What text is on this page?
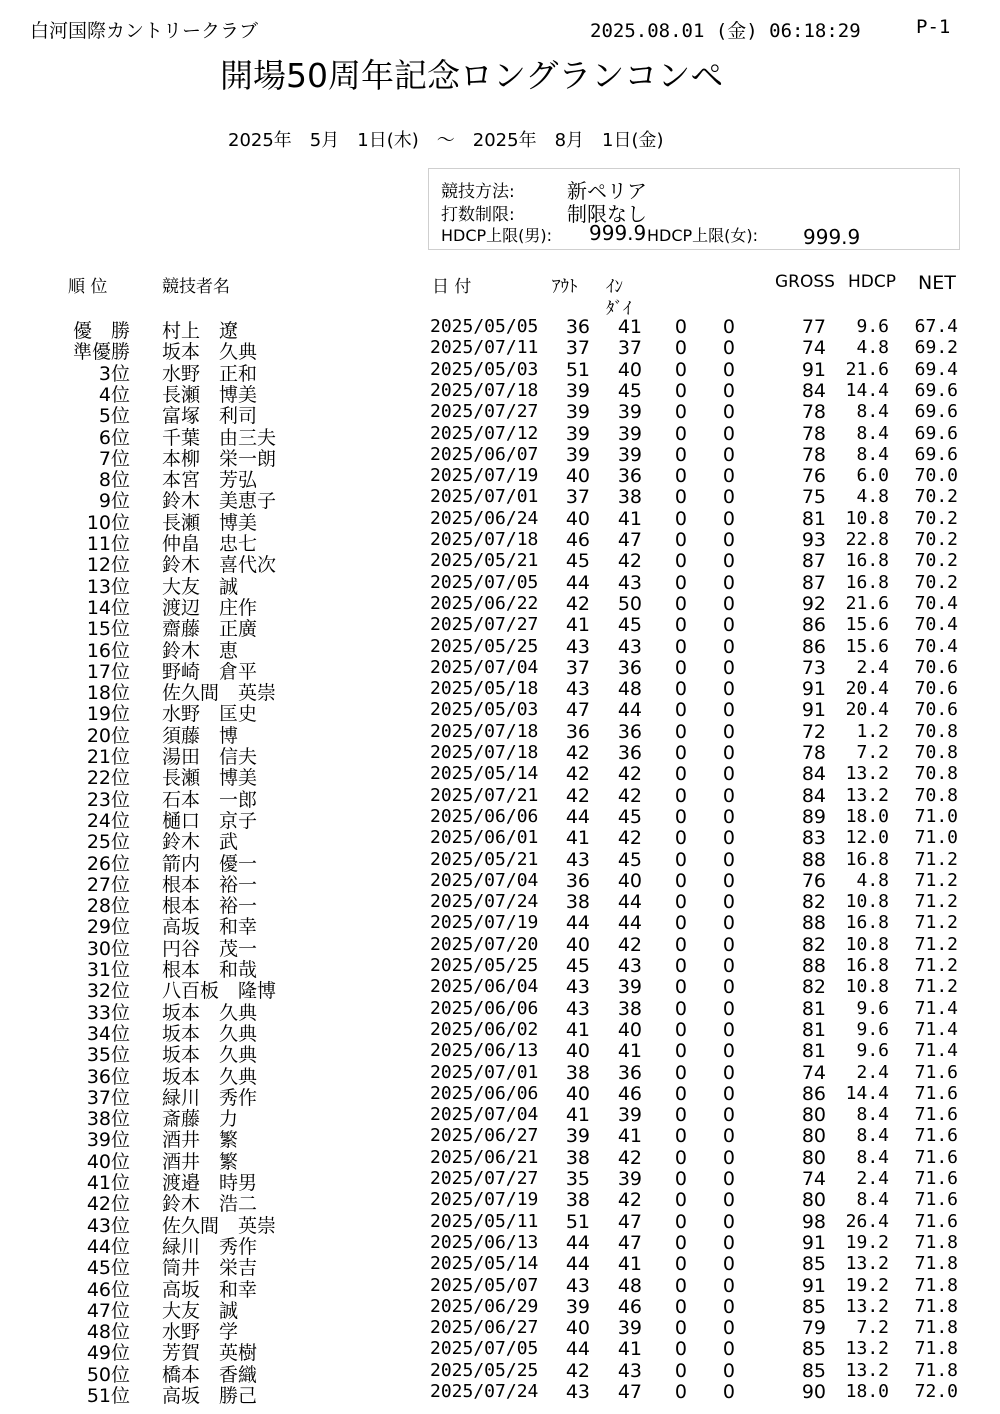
白河国際カントリークラブ	2025.08.01 (金) 06:18:29	P-1
開場50周年記念ロングランコンペ
2025年　5月　1日(木)　～　2025年　8月　1日(金)
競技方法:	新ペリア
打数制限:	制限なし
HDCP上限(男): 999.9 HDCP上限(女): 999.9
順 位	競技者名	日 付	ｱｳﾄ ｲﾝ
ﾀﾞｲ
GROSS HDCP NET
優　勝 村上　遼	2025/05/05 36 41 0 0	77 9.6 67.4
準優勝 坂本　久典	2025/07/11 37 37 0 0	74 4.8 69.2
3位 水野　正和	2025/05/03 51 40 0 0	91 21.6 69.4
4位 長瀬　博美	2025/07/18 39 45 0 0	84 14.4 69.6
5位 富塚　利司	2025/07/27 39 39 0 0	78 8.4 69.6
6位 千葉　由三夫	2025/07/12 39 39 0 0	78 8.4 69.6
7位 本柳　栄一朗	2025/06/07 39 39 0 0	78 8.4 69.6
8位 本宮　芳弘	2025/07/19 40 36 0 0	76 6.0 70.0
9位 鈴木　美恵子	2025/07/01 37 38 0 0	75 4.8 70.2
10位 長瀬　博美	2025/06/24 40 41 0 0	81 10.8 70.2
11位 仲畠　忠七	2025/07/18 46 47 0 0	93 22.8 70.2
12位 鈴木　喜代次	2025/05/21 45 42 0 0	87 16.8 70.2
13位 大友　誠	2025/07/05 44 43 0 0	87 16.8 70.2
14位 渡辺　庄作	2025/06/22 42 50 0 0	92 21.6 70.4
15位 齋藤　正廣	2025/07/27 41 45 0 0	86 15.6 70.4
16位 鈴木　恵	2025/05/25 43 43 0 0	86 15.6 70.4
17位 野崎　倉平	2025/07/04 37 36 0 0	73 2.4 70.6
18位 佐久間　英崇	2025/05/18 43 48 0 0	91 20.4 70.6
19位 水野　匡史	2025/05/03 47 44 0 0	91 20.4 70.6
20位 須藤　博	2025/07/18 36 36 0 0	72 1.2 70.8
21位 湯田　信夫	2025/07/18 42 36 0 0	78 7.2 70.8
22位 長瀬　博美	2025/05/14 42 42 0 0	84 13.2 70.8
23位 石本　一郎	2025/07/21 42 42 0 0	84 13.2 70.8
24位 樋口　京子	2025/06/06 44 45 0 0	89 18.0 71.0
25位 鈴木　武	2025/06/01 41 42 0 0	83 12.0 71.0
26位 箭内　優一	2025/05/21 43 45 0 0	88 16.8 71.2
27位 根本　裕一	2025/07/04 36 40 0 0	76 4.8 71.2
28位 根本　裕一	2025/07/24 38 44 0 0	82 10.8 71.2
29位 高坂　和幸	2025/07/19 44 44 0 0	88 16.8 71.2
30位 円谷　茂一	2025/07/20 40 42 0 0	82 10.8 71.2
31位 根本　和哉	2025/05/25 45 43 0 0	88 16.8 71.2
32位 八百板　隆博	2025/06/04 43 39 0 0	82 10.8 71.2
33位 坂本　久典	2025/06/06 43 38 0 0	81 9.6 71.4
34位 坂本　久典	2025/06/02 41 40 0 0	81 9.6 71.4
35位 坂本　久典	2025/06/13 40 41 0 0	81 9.6 71.4
36位 坂本　久典	2025/07/01 38 36 0 0	74 2.4 71.6
37位 緑川　秀作	2025/06/06 40 46 0 0	86 14.4 71.6
38位 斎藤　力	2025/07/04 41 39 0 0	80 8.4 71.6
39位 酒井　繁	2025/06/27 39 41 0 0	80 8.4 71.6
40位 酒井　繁	2025/06/21 38 42 0 0	80 8.4 71.6
41位 渡邉　時男	2025/07/27 35 39 0 0	74 2.4 71.6
42位 鈴木　浩二	2025/07/19 38 42 0 0	80 8.4 71.6
43位 佐久間　英崇	2025/05/11 51 47 0 0	98 26.4 71.6
44位 緑川　秀作	2025/06/13 44 47 0 0	91 19.2 71.8
45位 筒井　栄吉	2025/05/14 44 41 0 0	85 13.2 71.8
46位 高坂　和幸	2025/05/07 43 48 0 0	91 19.2 71.8
47位 大友　誠	2025/06/29 39 46 0 0	85 13.2 71.8
48位 水野　学	2025/06/27 40 39 0 0	79 7.2 71.8
49位 芳賀　英樹	2025/07/05 44 41 0 0	85 13.2 71.8
50位 橋本　香織	2025/05/25 42 43 0 0	85 13.2 71.8
51位 高坂　勝己	2025/07/24 43 47 0 0	90 18.0 72.0
